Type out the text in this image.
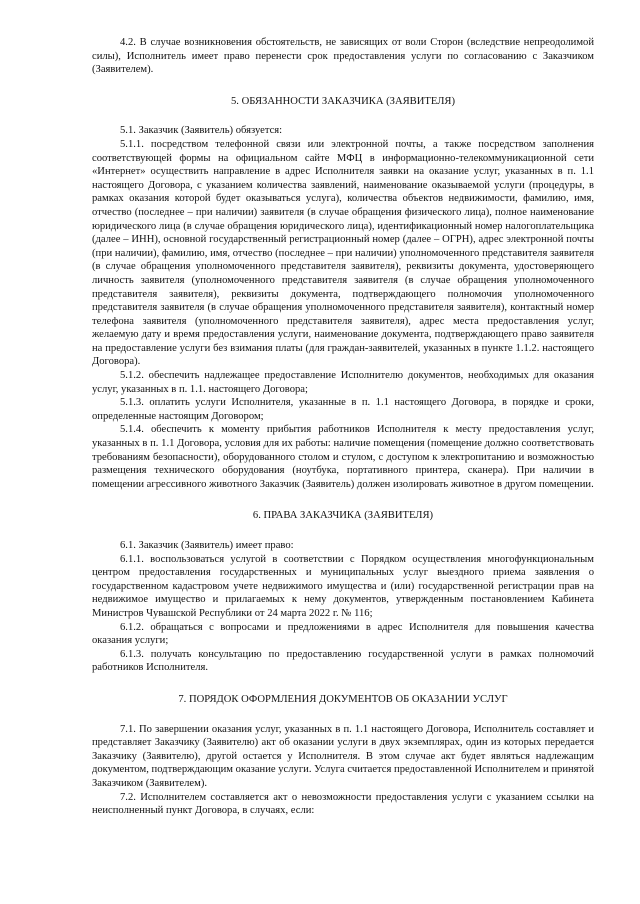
4.2. В случае возникновения обстоятельств, не зависящих от воли Сторон (вследствие непреодолимой силы), Исполнитель имеет право перенести срок предоставления услуги по согласованию с Заказчиком (Заявителем).

5. ОБЯЗАННОСТИ ЗАКАЗЧИКА (ЗАЯВИТЕЛЯ)

5.1. Заказчик (Заявитель) обязуется:

5.1.1. посредством телефонной связи или электронной почты, а также посредством заполнения соответствующей формы на официальном сайте МФЦ в информационно-телекоммуникационной сети «Интернет» осуществить направление в адрес Исполнителя заявки на оказание услуг, указанных в п. 1.1 настоящего Договора, с указанием количества заявлений, наименование оказываемой услуги (процедуры, в рамках оказания которой будет оказываться услуга), количества объектов недвижимости, фамилию, имя, отчество (последнее – при наличии) заявителя (в случае обращения физического лица), полное наименование юридического лица (в случае обращения юридического лица), идентификационный номер налогоплательщика (далее – ИНН), основной государственный регистрационный номер (далее – ОГРН), адрес электронной почты (при наличии), фамилию, имя, отчество (последнее – при наличии) уполномоченного представителя заявителя (в случае обращения уполномоченного представителя заявителя), реквизиты документа, удостоверяющего личность заявителя (уполномоченного представителя заявителя (в случае обращения уполномоченного представителя заявителя), реквизиты документа, подтверждающего полномочия уполномоченного представителя заявителя (в случае обращения уполномоченного представителя заявителя), контактный номер телефона заявителя (уполномоченного представителя заявителя), адрес места предоставления услуг, желаемую дату и время предоставления услуги, наименование документа, подтверждающего право заявителя на предоставление услуги без взимания платы (для граждан-заявителей, указанных в пункте 1.1.2. настоящего Договора).

5.1.2. обеспечить надлежащее предоставление Исполнителю документов, необходимых для оказания услуг, указанных в п. 1.1. настоящего Договора;

5.1.3. оплатить услуги Исполнителя, указанные в п. 1.1 настоящего Договора, в порядке и сроки, определенные настоящим Договором;

5.1.4. обеспечить к моменту прибытия работников Исполнителя к месту предоставления услуг, указанных в п. 1.1 Договора, условия для их работы: наличие помещения (помещение должно соответствовать требованиям безопасности), оборудованного столом и стулом, с доступом к электропитанию и возможностью размещения технического оборудования (ноутбука, портативного принтера, сканера). При наличии в помещении агрессивного животного Заказчик (Заявитель) должен изолировать животное в другом помещении.

6. ПРАВА ЗАКАЗЧИКА (ЗАЯВИТЕЛЯ)

6.1. Заказчик (Заявитель) имеет право:

6.1.1. воспользоваться услугой в соответствии с Порядком осуществления многофункциональным центром предоставления государственных и муниципальных услуг выездного приема заявления о государственном кадастровом учете недвижимого имущества и (или) государственной регистрации прав на недвижимое имущество и прилагаемых к нему документов, утвержденным постановлением Кабинета Министров Чувашской Республики от 24 марта 2022 г. № 116;

6.1.2. обращаться с вопросами и предложениями в адрес Исполнителя для повышения качества оказания услуги;

6.1.3. получать консультацию по предоставлению государственной услуги в рамках полномочий работников Исполнителя.

7. ПОРЯДОК ОФОРМЛЕНИЯ ДОКУМЕНТОВ ОБ ОКАЗАНИИ УСЛУГ

7.1. По завершении оказания услуг, указанных в п. 1.1 настоящего Договора, Исполнитель составляет и представляет Заказчику (Заявителю) акт об оказании услуги в двух экземплярах, один из которых передается Заказчику (Заявителю), другой остается у Исполнителя. В этом случае акт будет являться надлежащим документом, подтверждающим оказание услуги. Услуга считается предоставленной Исполнителем и принятой Заказчиком (Заявителем).

7.2. Исполнителем составляется акт о невозможности предоставления услуги с указанием ссылки на неисполненный пункт Договора, в случаях, если:
